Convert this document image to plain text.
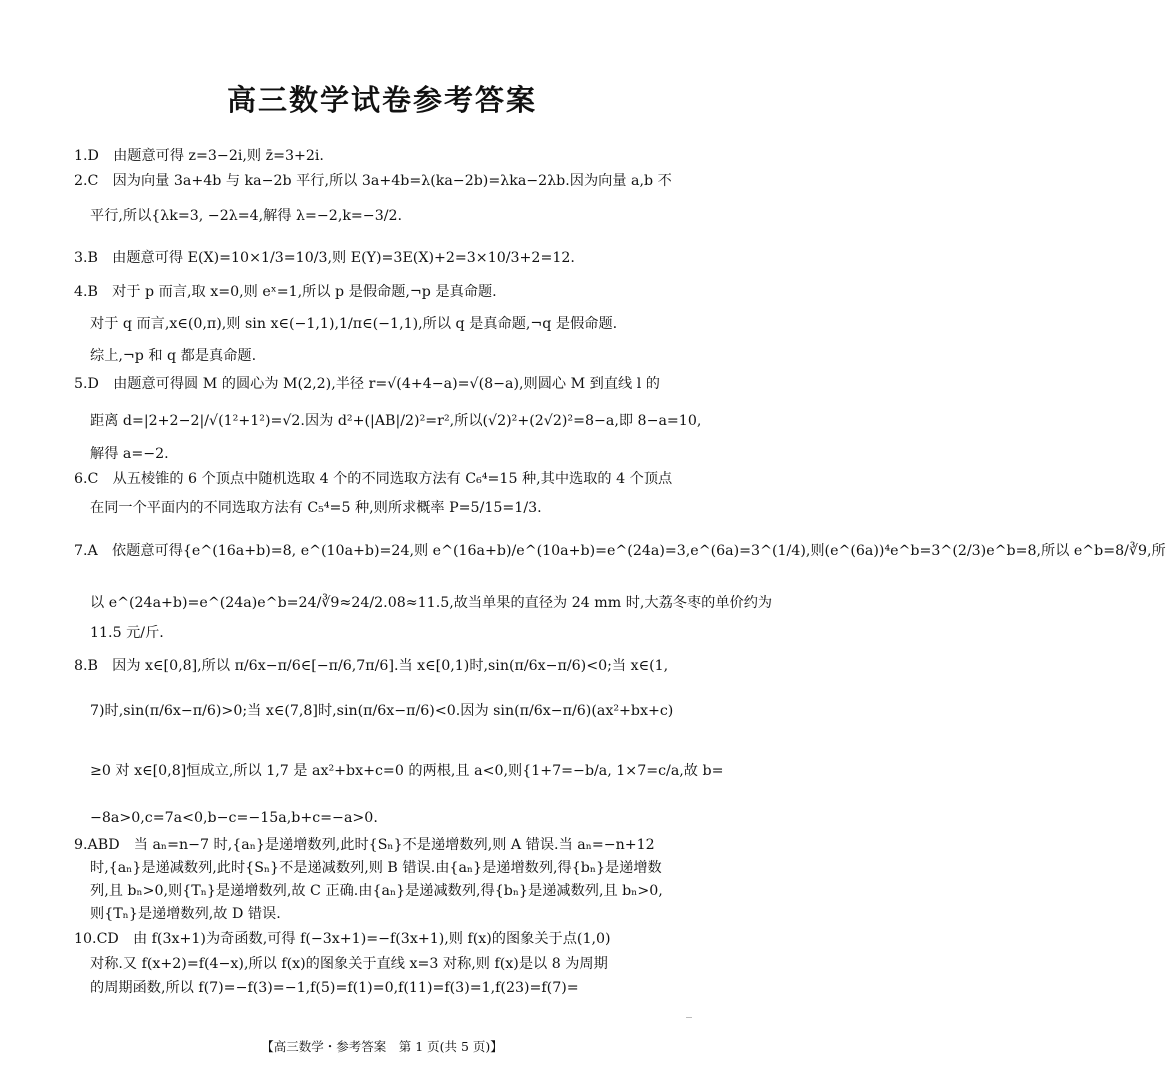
高三数学试卷参考答案
1.D　由题意可得 z=3−2i,则 z̄=3+2i.
2.C　因为向量 3a+4b 与 ka−2b 平行,所以 3a+4b=λ(ka−2b)=λka−2λb.因为向量 a,b 不
平行,所以{λk=3, −2λ=4,解得 λ=−2,k=−3/2.
3.B　由题意可得 E(X)=10×1/3=10/3,则 E(Y)=3E(X)+2=3×10/3+2=12.
4.B　对于 p 而言,取 x=0,则 eˣ=1,所以 p 是假命题,¬p 是真命题.
对于 q 而言,x∈(0,π),则 sin x∈(−1,1),1/π∈(−1,1),所以 q 是真命题,¬q 是假命题.
综上,¬p 和 q 都是真命题.
5.D　由题意可得圆 M 的圆心为 M(2,2),半径 r=√(4+4−a)=√(8−a),则圆心 M 到直线 l 的
距离 d=|2+2−2|/√(1²+1²)=√2.因为 d²+(|AB|/2)²=r²,所以(√2)²+(2√2)²=8−a,即 8−a=10,
解得 a=−2.
6.C　从五棱锥的 6 个顶点中随机选取 4 个的不同选取方法有 C₆⁴=15 种,其中选取的 4 个顶点
在同一个平面内的不同选取方法有 C₅⁴=5 种,则所求概率 P=5/15=1/3.
7.A　依题意可得{e^(16a+b)=8, e^(10a+b)=24,则 e^(16a+b)/e^(10a+b)=e^(24a)=3,e^(6a)=3^(1/4),则(e^(6a))⁴e^b=3^(2/3)e^b=8,所以 e^b=8/∛9,所
以 e^(24a+b)=e^(24a)e^b=24/∛9≈24/2.08≈11.5,故当单果的直径为 24 mm 时,大荔冬枣的单价约为
11.5 元/斤.
8.B　因为 x∈[0,8],所以 π/6x−π/6∈[−π/6,7π/6].当 x∈[0,1)时,sin(π/6x−π/6)<0;当 x∈(1,
7)时,sin(π/6x−π/6)>0;当 x∈(7,8]时,sin(π/6x−π/6)<0.因为 sin(π/6x−π/6)(ax²+bx+c)
≥0 对 x∈[0,8]恒成立,所以 1,7 是 ax²+bx+c=0 的两根,且 a<0,则{1+7=−b/a, 1×7=c/a,故 b=
−8a>0,c=7a<0,b−c=−15a,b+c=−a>0.
9.ABD　当 aₙ=n−7 时,{aₙ}是递增数列,此时{Sₙ}不是递增数列,则 A 错误.当 aₙ=−n+12
时,{aₙ}是递减数列,此时{Sₙ}不是递减数列,则 B 错误.由{aₙ}是递增数列,得{bₙ}是递增数
列,且 bₙ>0,则{Tₙ}是递增数列,故 C 正确.由{aₙ}是递减数列,得{bₙ}是递减数列,且 bₙ>0,
则{Tₙ}是递增数列,故 D 错误.
10.CD　由 f(3x+1)为奇函数,可得 f(−3x+1)=−f(3x+1),则 f(x)的图象关于点(1,0)
对称.又 f(x+2)=f(4−x),所以 f(x)的图象关于直线 x=3 对称,则 f(x)是以 8 为周期
的周期函数,所以 f(7)=−f(3)=−1,f(5)=f(1)=0,f(11)=f(3)=1,f(23)=f(7)=
【高三数学・参考答案　第 1 页(共 5 页)】
